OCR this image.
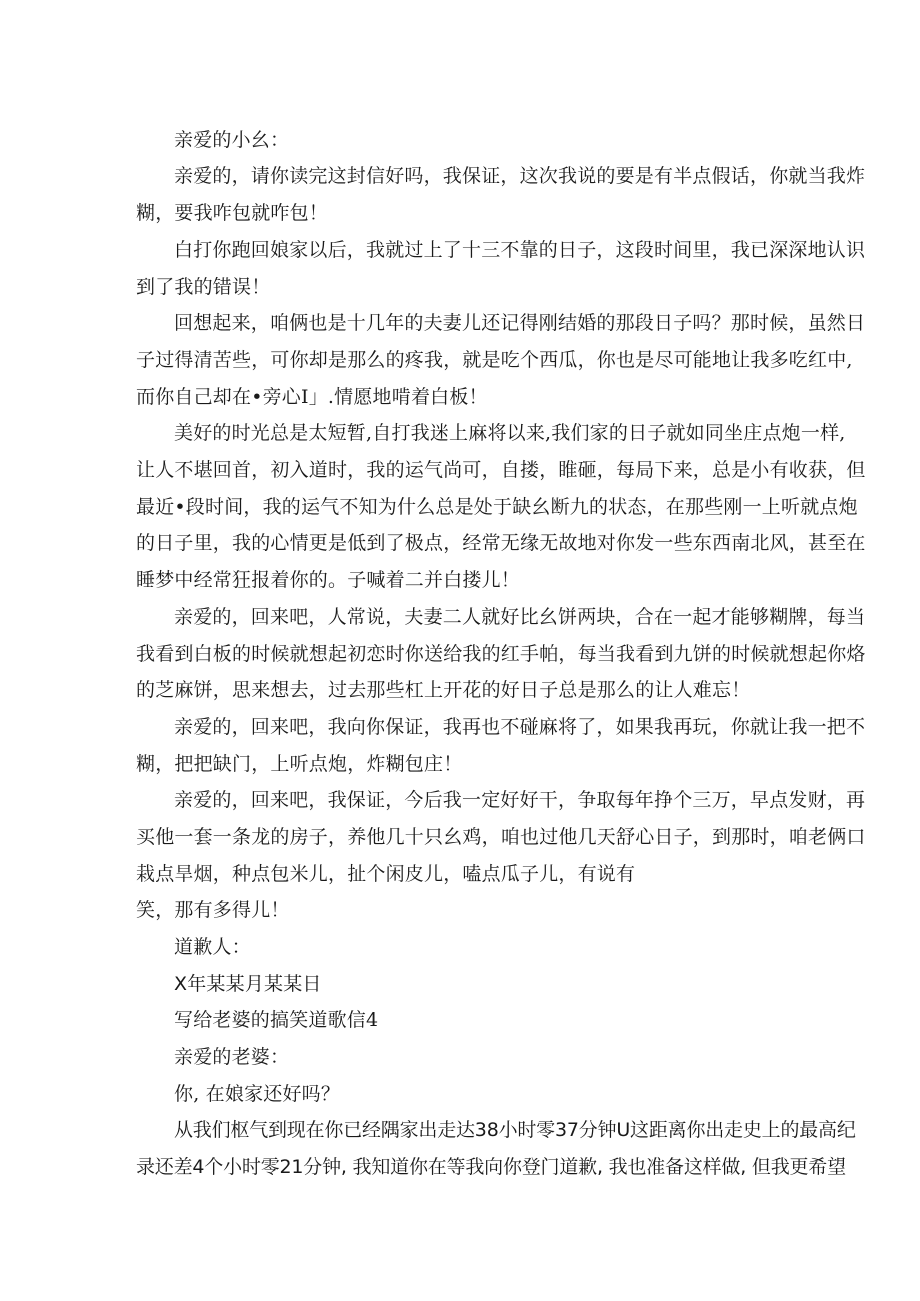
亲爱的小幺：
亲爱的，请你读完这封信好吗，我保证，这次我说的要是有半点假话，你就当我炸
糊，要我咋包就咋包！
白打你跑回娘家以后，我就过上了十三不靠的日子，这段时间里，我已深深地认识
到了我的错误！
回想起来，咱俩也是十几年的夫妻儿还记得刚结婚的那段日子吗？那时候，虽然日
子过得清苦些，可你却是那么的疼我，就是吃个西瓜，你也是尽可能地让我多吃红中,
而你自己却在•旁心Ⅰ」.情愿地啃着白板！
美好的时光总是太短暂,自打我迷上麻将以来,我们家的日子就如同坐庄点炮一样,
让人不堪回首，初入道时，我的运气尚可，自搂，睢砸，每局下来，总是小有收获，但
最近•段时间，我的运气不知为什么总是处于缺幺断九的状态，在那些刚一上听就点炮
的日子里，我的心情更是低到了极点，经常无缘无故地对你发一些东西南北风，甚至在
睡梦中经常狂报着你的。子喊着二并白搂儿！
亲爱的，回来吧，人常说，夫妻二人就好比幺饼两块，合在一起才能够糊牌，每当
我看到白板的时候就想起初恋时你送给我的红手帕，每当我看到九饼的时候就想起你烙
的芝麻饼，思来想去，过去那些杠上开花的好日子总是那么的让人难忘！
亲爱的，回来吧，我向你保证，我再也不碰麻将了，如果我再玩，你就让我一把不
糊，把把缺门，上听点炮，炸糊包庄！
亲爱的，回来吧，我保证，今后我一定好好干，争取每年挣个三万，早点发财，再
买他一套一条龙的房子，养他几十只幺鸡，咱也过他几天舒心日子，到那时，咱老俩口
栽点旱烟，种点包米儿，扯个闲皮儿，嗑点瓜子儿，有说有
笑，那有多得儿！
道歉人：
X年某某月某某日
写给老婆的搞笑道歌信4
亲爱的老婆：
你, 在娘家还好吗？
从我们枢气到现在你已经隅家出走达38小时零37分钟U这距离你出走史上的最高纪
录还差4个小时零21分钟, 我知道你在等我向你登门道歉, 我也准备这样做, 但我更希望
